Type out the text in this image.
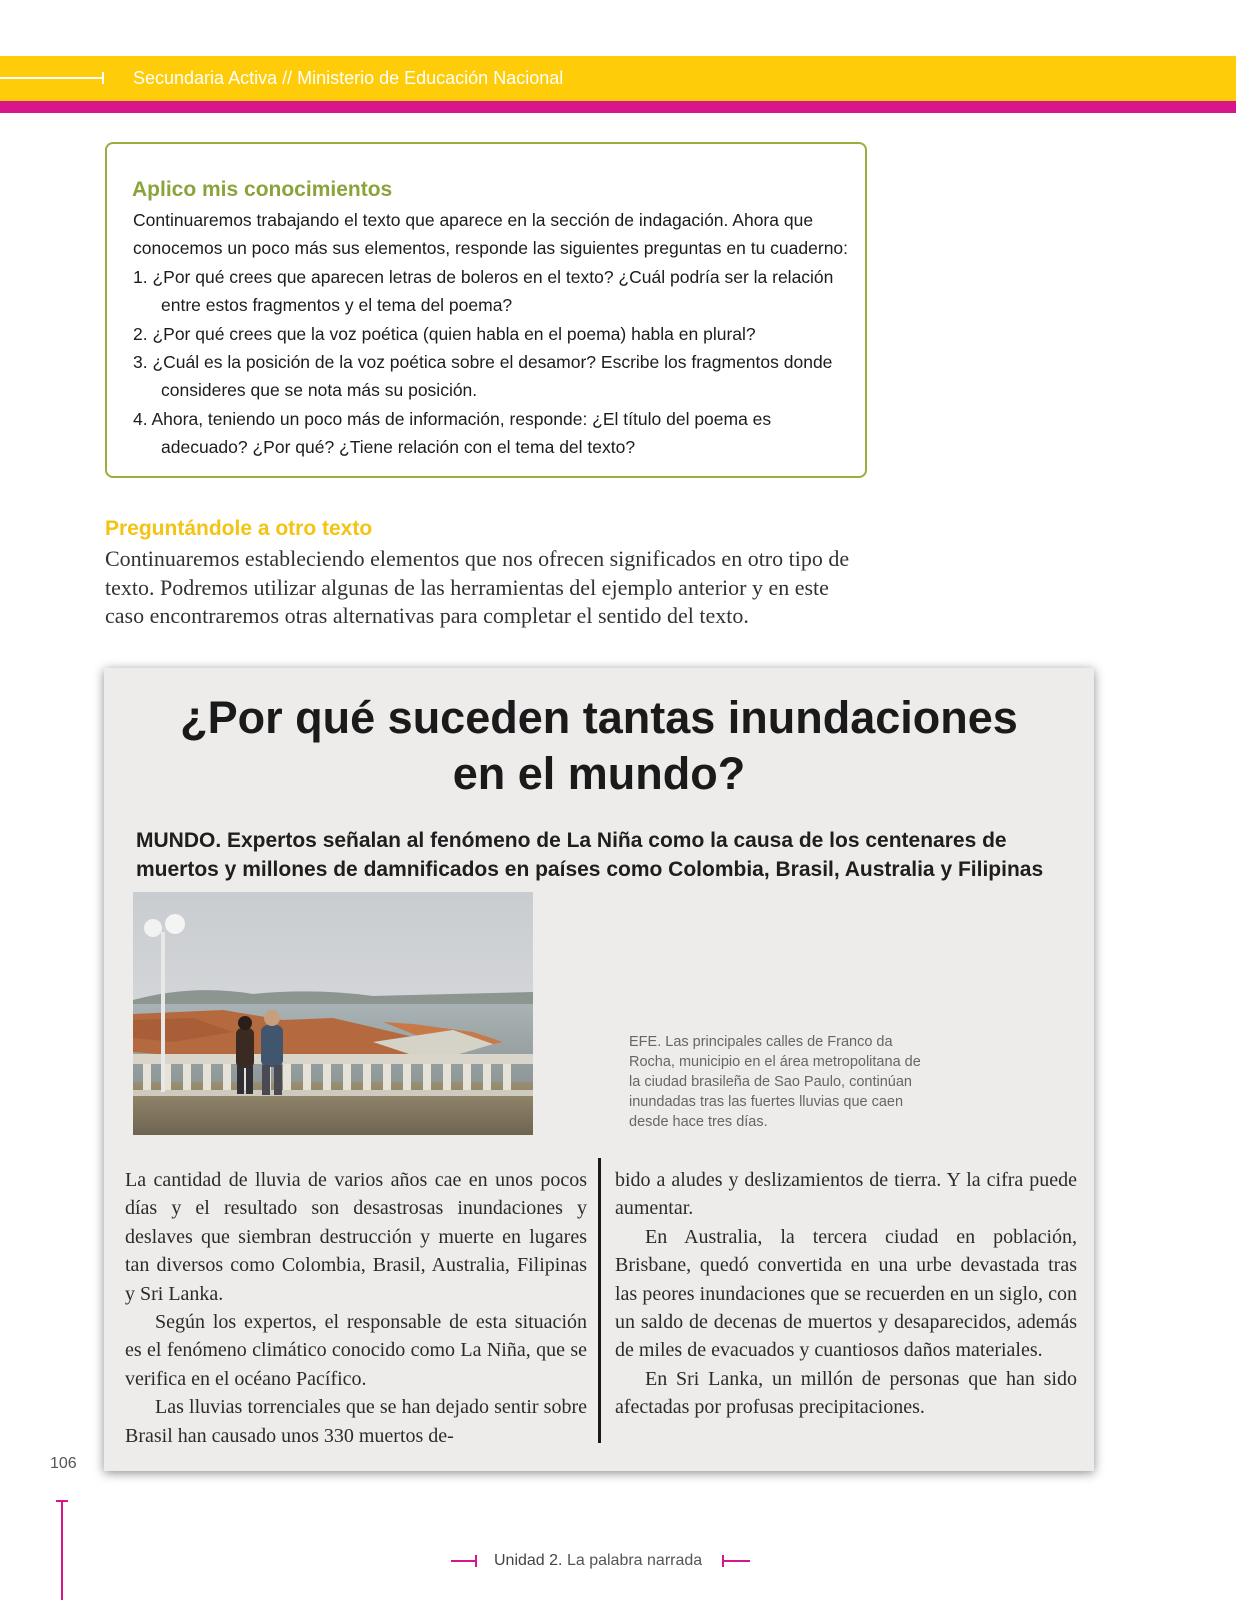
Secundaria Activa // Ministerio de Educación Nacional
Aplico mis conocimientos

Continuaremos trabajando el texto que aparece en la sección de indagación. Ahora que conocemos un poco más sus elementos, responde las siguientes preguntas en tu cuaderno:

1. ¿Por qué crees que aparecen letras de boleros en el texto? ¿Cuál podría ser la relación entre estos fragmentos y el tema del poema?
2. ¿Por qué crees que la voz poética (quien habla en el poema) habla en plural?
3. ¿Cuál es la posición de la voz poética sobre el desamor? Escribe los fragmentos donde consideres que se nota más su posición.
4. Ahora, teniendo un poco más de información, responde: ¿El título del poema es adecuado? ¿Por qué? ¿Tiene relación con el tema del texto?
Preguntándole a otro texto
Continuaremos estableciendo elementos que nos ofrecen significados en otro tipo de texto. Podremos utilizar algunas de las herramientas del ejemplo anterior y en este caso encontraremos otras alternativas para completar el sentido del texto.
¿Por qué suceden tantas inundaciones
en el mundo?
MUNDO. Expertos señalan al fenómeno de La Niña como la causa de los centenares de muertos y millones de damnificados en países como Colombia, Brasil, Australia y Filipinas
EFE. Las principales calles de Franco da Rocha, municipio en el área metropolitana de la ciudad brasileña de Sao Paulo, continúan inundadas tras las fuertes lluvias que caen desde hace tres días.

La cantidad de lluvia de varios años cae en unos pocos días y el resultado son desastrosas inundaciones y deslaves que siembran destrucción y muerte en lugares tan diversos como Colombia, Brasil, Australia, Filipinas y Sri Lanka.

Según los expertos, el responsable de esta situación es el fenómeno climático conocido como La Niña, que se verifica en el océano Pacífico.

Las lluvias torrenciales que se han dejado sentir sobre Brasil han causado unos 330 muertos de-

bido a aludes y deslizamientos de tierra. Y la cifra puede aumentar.

En Australia, la tercera ciudad en población, Brisbane, quedó convertida en una urbe devastada tras las peores inundaciones que se recuerden en un siglo, con un saldo de decenas de muertos y desaparecidos, además de miles de evacuados y cuantiosos daños materiales.

En Sri Lanka, un millón de personas que han sido afectadas por profusas precipitaciones.

106
Unidad 2. La palabra narrada
